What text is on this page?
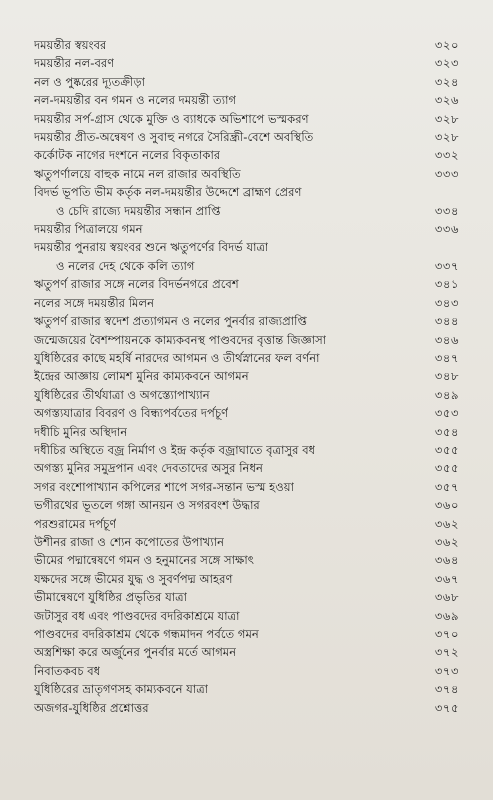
দময়ন্তীর স্বয়ংবর	৩২০
দময়ন্তীর নল-বরণ	৩২৩
নল ও পুষ্করের দ্যূতক্রীড়া	৩২৪
নল-দময়ন্তীর বন গমন ও নলের দময়ন্তী ত্যাগ	৩২৬
দময়ন্তীর সর্প-গ্রাস থেকে মুক্তি ও ব্যাধকে অভিশাপে ভস্মকরণ	৩২৮
দময়ন্তীর প্রীত-অন্বেষণ ও সুবাহু নগরে সৈরিন্ধ্রী-বেশে অবস্থিতি	৩২৮
কর্কোটক নাগের দংশনে নলের বিকৃতাকার	৩৩২
ঋতুপর্ণালয়ে বাহুক নামে নল রাজার অবস্থিতি	৩৩৩
বিদর্ভ ভূপতি ভীম কর্তৃক নল-দময়ন্তীর উদ্দেশে ব্রাহ্মণ প্রেরণ
ও চেদি রাজ্যে দময়ন্তীর সন্ধান প্রাপ্তি	৩৩৪
দময়ন্তীর পিত্রালয়ে গমন	৩৩৬
দময়ন্তীর পুনরায় স্বয়ংবর শুনে ঋতুপর্ণের বিদর্ভ যাত্রা
ও নলের দেহ থেকে কলি ত্যাগ	৩৩৭
ঋতুপর্ণ রাজার সঙ্গে নলের বিদর্ভনগরে প্রবেশ	৩৪১
নলের সঙ্গে দময়ন্তীর মিলন	৩৪৩
ঋতুপর্ণ রাজার স্বদেশ প্রত্যাগমন ও নলের পুনর্বার রাজ্যপ্রাপ্তি	৩৪৪
জন্মেজয়ের বৈশম্পায়নকে কাম্যকবনস্থ পাণ্ডবদের বৃত্তান্ত জিজ্ঞাসা	৩৪৬
যুধিষ্ঠিরের কাছে মহর্ষি নারদের আগমন ও তীর্থস্নানের ফল বর্ণনা	৩৪৭
ইন্দ্রের আজ্ঞায় লোমশ মুনির কাম্যকবনে আগমন	৩৪৮
যুধিষ্ঠিরের তীর্থযাত্রা ও অগস্ত্যোপাখ্যান	৩৪৯
অগস্ত্যযাত্রার বিবরণ ও বিন্ধ্যপর্বতের দর্পচূর্ণ	৩৫৩
দধীচি মুনির অস্থিদান	৩৫৪
দধীচির অস্থিতে বজ্র নির্মাণ ও ইন্দ্র কর্তৃক বজ্রাঘাতে বৃত্রাসুর বধ	৩৫৫
অগস্ত্য মুনির সমুদ্রপান এবং দেবতাদের অসুর নিধন	৩৫৫
সগর বংশোপাখ্যান কপিলের শাপে সগর-সন্তান ভস্ম হওয়া	৩৫৭
ভগীরথের ভূতলে গঙ্গা আনয়ন ও সগরবংশ উদ্ধার	৩৬০
পরশুরামের দর্পচূর্ণ	৩৬২
উশীনর রাজা ও শ্যেন কপোতের উপাখ্যান	৩৬২
ভীমের পদ্মান্বেষণে গমন ও হনুমানের সঙ্গে সাক্ষাৎ	৩৬৪
যক্ষদের সঙ্গে ভীমের যুদ্ধ ও সুবর্ণপদ্ম আহরণ	৩৬৭
ভীমান্বেষণে যুধিষ্ঠির প্রভৃতির যাত্রা	৩৬৮
জটাসুর বধ এবং পাণ্ডবদের বদরিকাশ্রমে যাত্রা	৩৬৯
পাণ্ডবদের বদরিকাশ্রম থেকে গন্ধমাদন পর্বতে গমন	৩৭০
অস্ত্রশিক্ষা করে অর্জুনের পুনর্বার মর্তে আগমন	৩৭২
নিবাতকবচ বধ	৩৭৩
যুধিষ্ঠিরের ভ্রাতৃগণসহ কাম্যকবনে যাত্রা	৩৭৪
অজগর-যুধিষ্ঠির প্রশ্নোত্তর	৩৭৫
